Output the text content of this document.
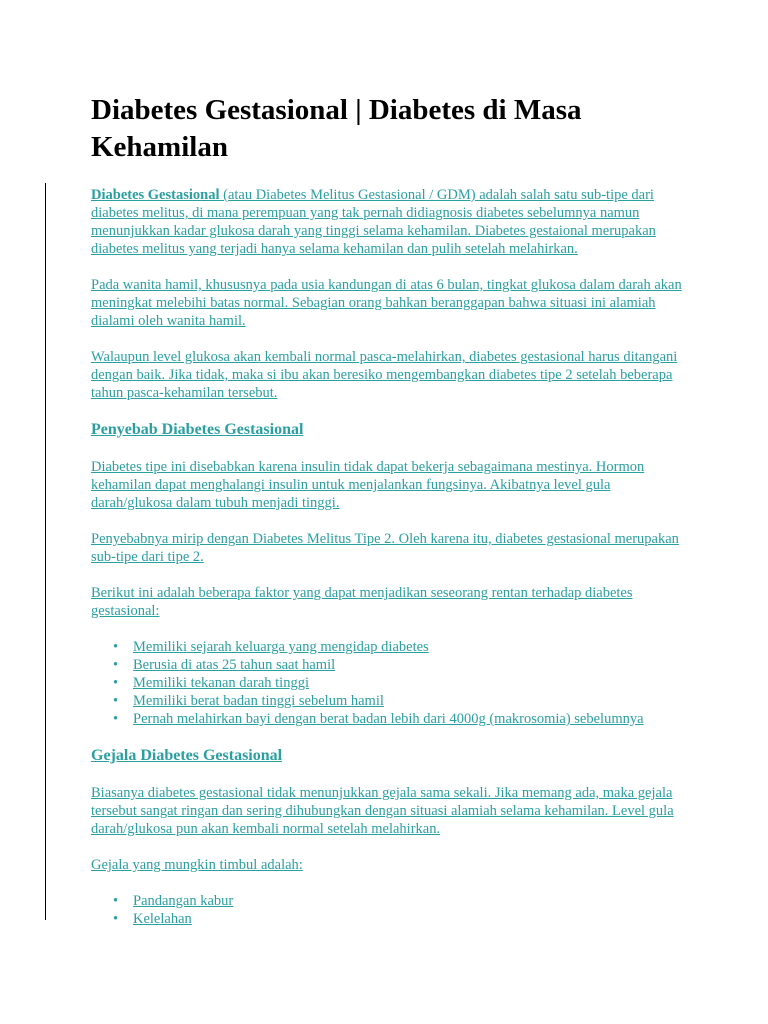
Diabetes Gestasional | Diabetes di Masa Kehamilan

Diabetes Gestasional (atau Diabetes Melitus Gestasional / GDM) adalah salah satu sub-tipe dari diabetes melitus, di mana perempuan yang tak pernah didiagnosis diabetes sebelumnya namun menunjukkan kadar glukosa darah yang tinggi selama kehamilan. Diabetes gestaional merupakan diabetes melitus yang terjadi hanya selama kehamilan dan pulih setelah melahirkan.

Pada wanita hamil, khususnya pada usia kandungan di atas 6 bulan, tingkat glukosa dalam darah akan meningkat melebihi batas normal. Sebagian orang bahkan beranggapan bahwa situasi ini alamiah dialami oleh wanita hamil.

Walaupun level glukosa akan kembali normal pasca-melahirkan, diabetes gestasional harus ditangani dengan baik. Jika tidak, maka si ibu akan beresiko mengembangkan diabetes tipe 2 setelah beberapa tahun pasca-kehamilan tersebut.

Penyebab Diabetes Gestasional

Diabetes tipe ini disebabkan karena insulin tidak dapat bekerja sebagaimana mestinya. Hormon kehamilan dapat menghalangi insulin untuk menjalankan fungsinya. Akibatnya level gula darah/glukosa dalam tubuh menjadi tinggi.

Penyebabnya mirip dengan Diabetes Melitus Tipe 2. Oleh karena itu, diabetes gestasional merupakan sub-tipe dari tipe 2.

Berikut ini adalah beberapa faktor yang dapat menjadikan seseorang rentan terhadap diabetes gestasional:

• Memiliki sejarah keluarga yang mengidap diabetes
• Berusia di atas 25 tahun saat hamil
• Memiliki tekanan darah tinggi
• Memiliki berat badan tinggi sebelum hamil
• Pernah melahirkan bayi dengan berat badan lebih dari 4000g (makrosomia) sebelumnya
Gejala Diabetes Gestasional

Biasanya diabetes gestasional tidak menunjukkan gejala sama sekali. Jika memang ada, maka gejala tersebut sangat ringan dan sering dihubungkan dengan situasi alamiah selama kehamilan. Level gula darah/glukosa pun akan kembali normal setelah melahirkan.

Gejala yang mungkin timbul adalah:

• Pandangan kabur
• Kelelahan
